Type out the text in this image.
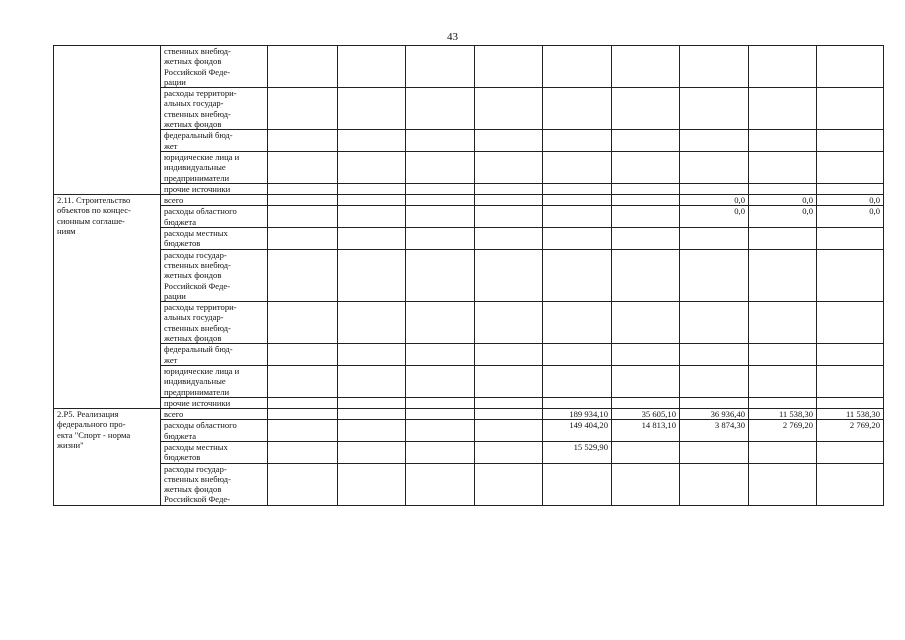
43
	ственных внебюд-
жетных фондов
Российской Феде-
рации									
	расходы территори-
альных государ-
ственных внебюд-
жетных фондов									
	федеральный бюд-
жет									
	юридические лица и
индивидуальные
предприниматели									
	прочие источники									
2.11. Строительство
объектов по концес-
сионным соглаше-
ниям	всего							0,0	0,0	0,0
	расходы областного
бюджета							0,0	0,0	0,0
	расходы местных
бюджетов									
	расходы государ-
ственных внебюд-
жетных фондов
Российской Феде-
рации									
	расходы территори-
альных государ-
ственных внебюд-
жетных фондов									
	федеральный бюд-
жет									
	юридические лица и
индивидуальные
предприниматели									
	прочие источники									
2.Р5. Реализация
федерального про-
екта "Спорт - норма
жизни"	всего					189 934,10	35 605,10	36 936,40	11 538,30	11 538,30
	расходы областного
бюджета					149 404,20	14 813,10	3 874,30	2 769,20	2 769,20
	расходы местных
бюджетов					15 529,90				
	расходы государ-
ственных внебюд-
жетных фондов
Российской Феде-									
